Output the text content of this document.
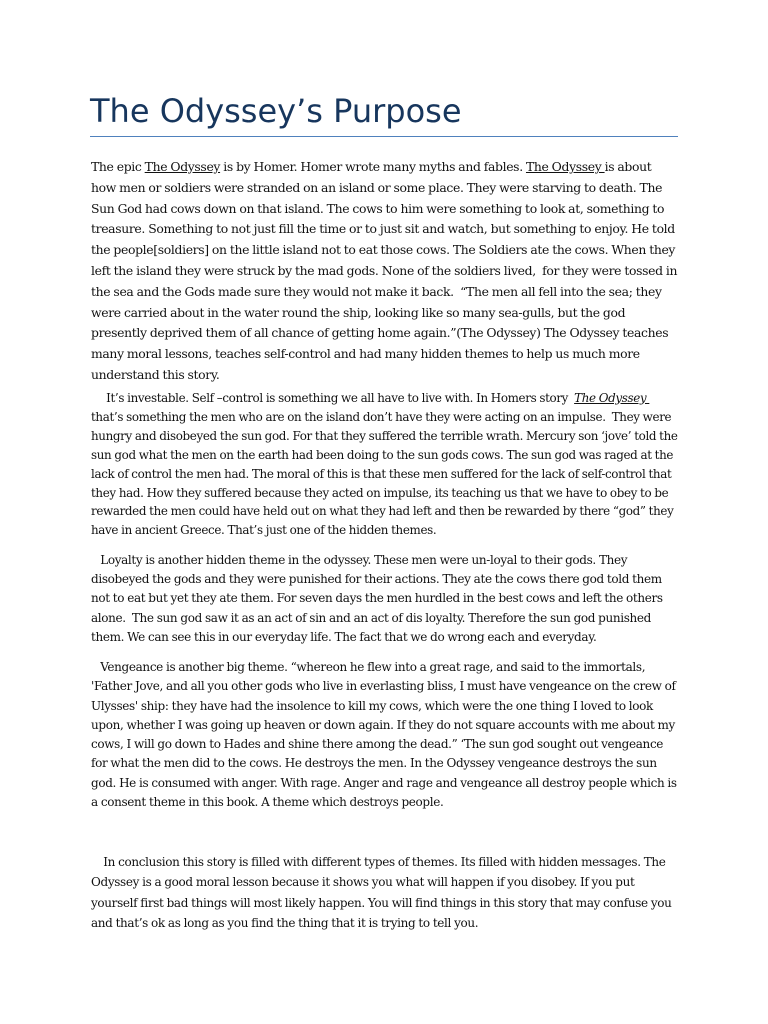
The Odyssey’s Purpose

The epic The Odyssey is by Homer. Homer wrote many myths and fables. The Odyssey is about how men or soldiers were stranded on an island or some place. They were starving to death. The Sun God had cows down on that island. The cows to him were something to look at, something to treasure. Something to not just fill the time or to just sit and watch, but something to enjoy. He told the people[soldiers] on the little island not to eat those cows. The Soldiers ate the cows. When they left the island they were struck by the mad gods. None of the soldiers lived,  for they were tossed in the sea and the Gods made sure they would not make it back.  “The men all fell into the sea; they were carried about in the water round the ship, looking like so many sea-gulls, but the god presently deprived them of all chance of getting home again.”(The Odyssey) The Odyssey teaches many moral lessons, teaches self-control and had many hidden themes to help us much more understand this story.

It’s investable. Self –control is something we all have to live with. In Homers story  The Odyssey  that’s something the men who are on the island don’t have they were acting on an impulse.  They were hungry and disobeyed the sun god. For that they suffered the terrible wrath. Mercury son ‘jove’ told the sun god what the men on the earth had been doing to the sun gods cows. The sun god was raged at the lack of control the men had. The moral of this is that these men suffered for the lack of self-control that they had. How they suffered because they acted on impulse, its teaching us that we have to obey to be rewarded the men could have held out on what they had left and then be rewarded by there “god” they have in ancient Greece. That’s just one of the hidden themes.

Loyalty is another hidden theme in the odyssey. These men were un-loyal to their gods. They disobeyed the gods and they were punished for their actions. They ate the cows there god told them not to eat but yet they ate them. For seven days the men hurdled in the best cows and left the others alone.  The sun god saw it as an act of sin and an act of dis loyalty. Therefore the sun god punished them. We can see this in our everyday life. The fact that we do wrong each and everyday.

Vengeance is another big theme. “whereon he flew into a great rage, and said to the immortals, 'Father Jove, and all you other gods who live in everlasting bliss, I must have vengeance on the crew of Ulysses' ship: they have had the insolence to kill my cows, which were the one thing I loved to look upon, whether I was going up heaven or down again. If they do not square accounts with me about my cows, I will go down to Hades and shine there among the dead.” ‘The sun god sought out vengeance for what the men did to the cows. He destroys the men. In the Odyssey vengeance destroys the sun god. He is consumed with anger. With rage. Anger and rage and vengeance all destroy people which is a consent theme in this book. A theme which destroys people.

In conclusion this story is filled with different types of themes. Its filled with hidden messages. The Odyssey is a good moral lesson because it shows you what will happen if you disobey. If you put yourself first bad things will most likely happen. You will find things in this story that may confuse you and that’s ok as long as you find the thing that it is trying to tell you.
